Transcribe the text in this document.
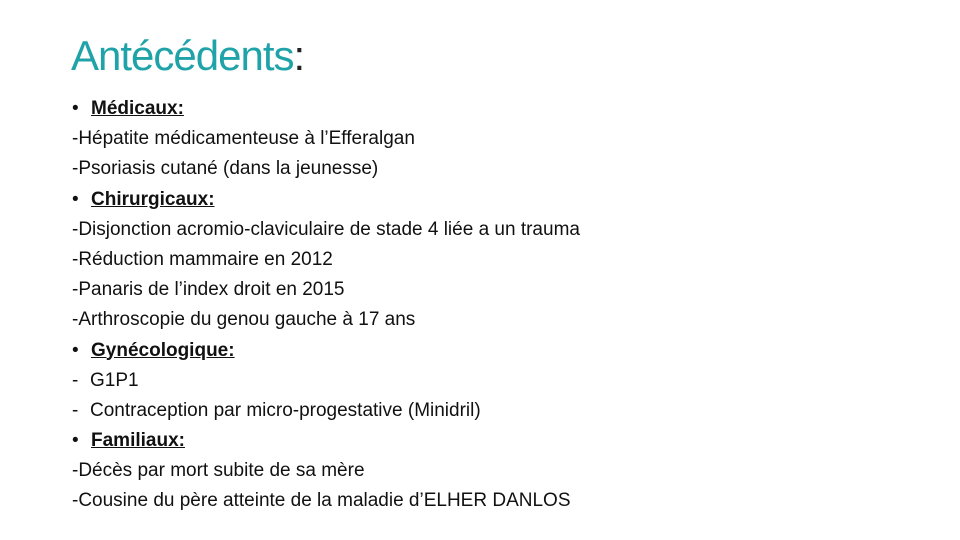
Antécédents:
• Médicaux:
-Hépatite médicamenteuse à l’Efferalgan
-Psoriasis cutané (dans la jeunesse)
• Chirurgicaux:
-Disjonction acromio-claviculaire de stade 4 liée a un trauma
-Réduction mammaire en 2012
-Panaris de l’index droit en 2015
-Arthroscopie du genou gauche à 17 ans
• Gynécologique:
- G1P1
- Contraception par micro-progestative (Minidril)
• Familiaux:
-Décès par mort subite de sa mère
-Cousine du père atteinte de la maladie d’ELHER DANLOS
